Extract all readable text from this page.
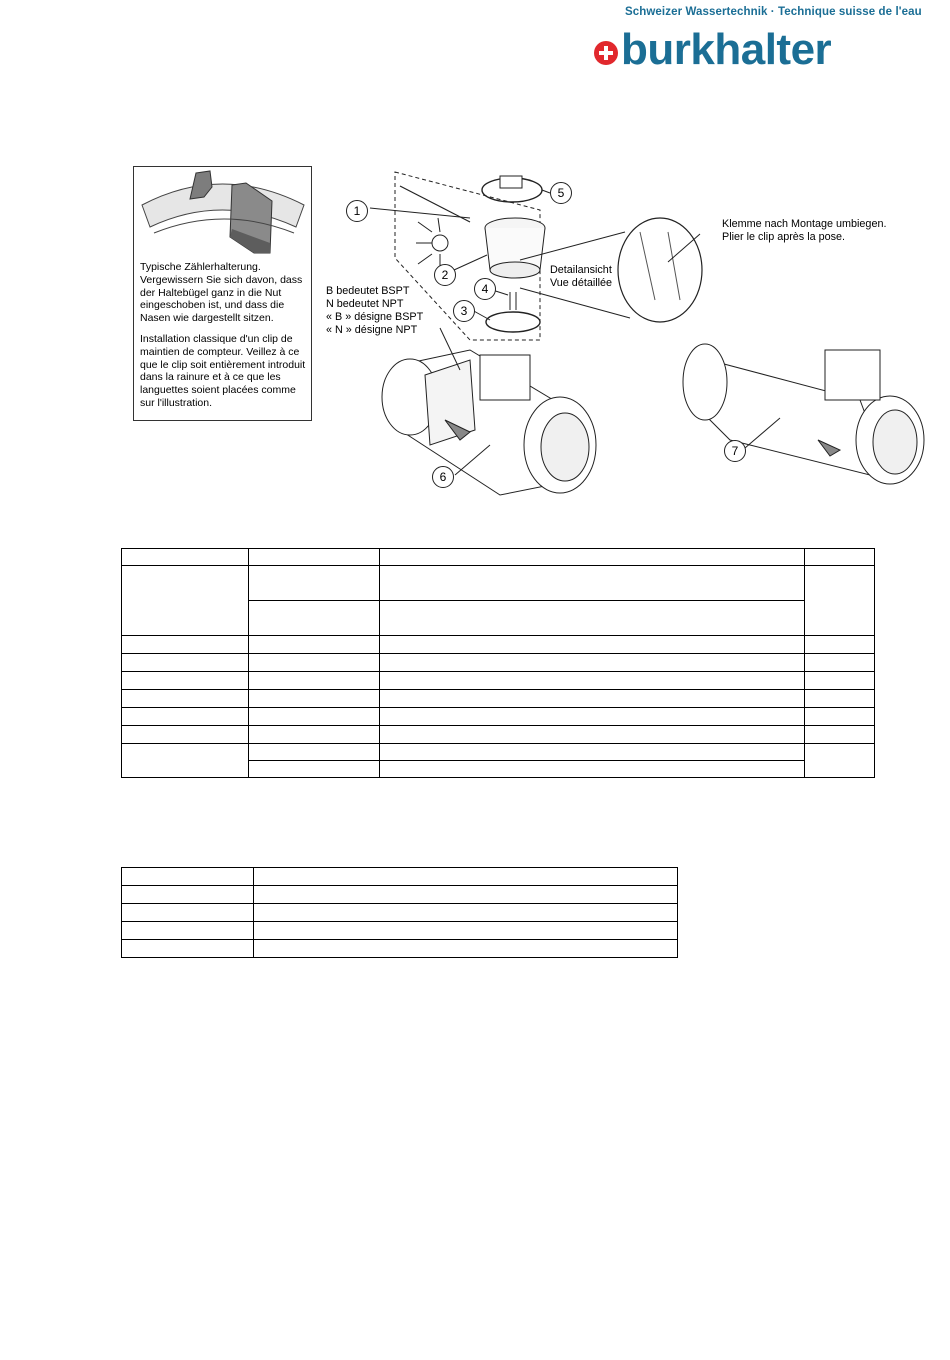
Schweizer Wassertechnik · Technique suisse de l'eau
burkhalter

Typische Zählerhalterung. Vergewissern Sie sich davon, dass der Haltebügel ganz in die Nut eingeschoben ist, und dass die Nasen wie dargestellt sitzen.

Installation classique d'un clip de maintien de compteur. Veillez à ce que le clip soit entièrement introduit dans la rainure et à ce que les languettes soient placées comme sur l'illustration.

1
2
3
4
5
6
7
B bedeutet BSPT
N bedeutet NPT
« B » désigne BSPT
« N » désigne NPT
Detailansicht
Vue détaillée
Klemme nach Montage umbiegen.
Plier le clip après la pose.
